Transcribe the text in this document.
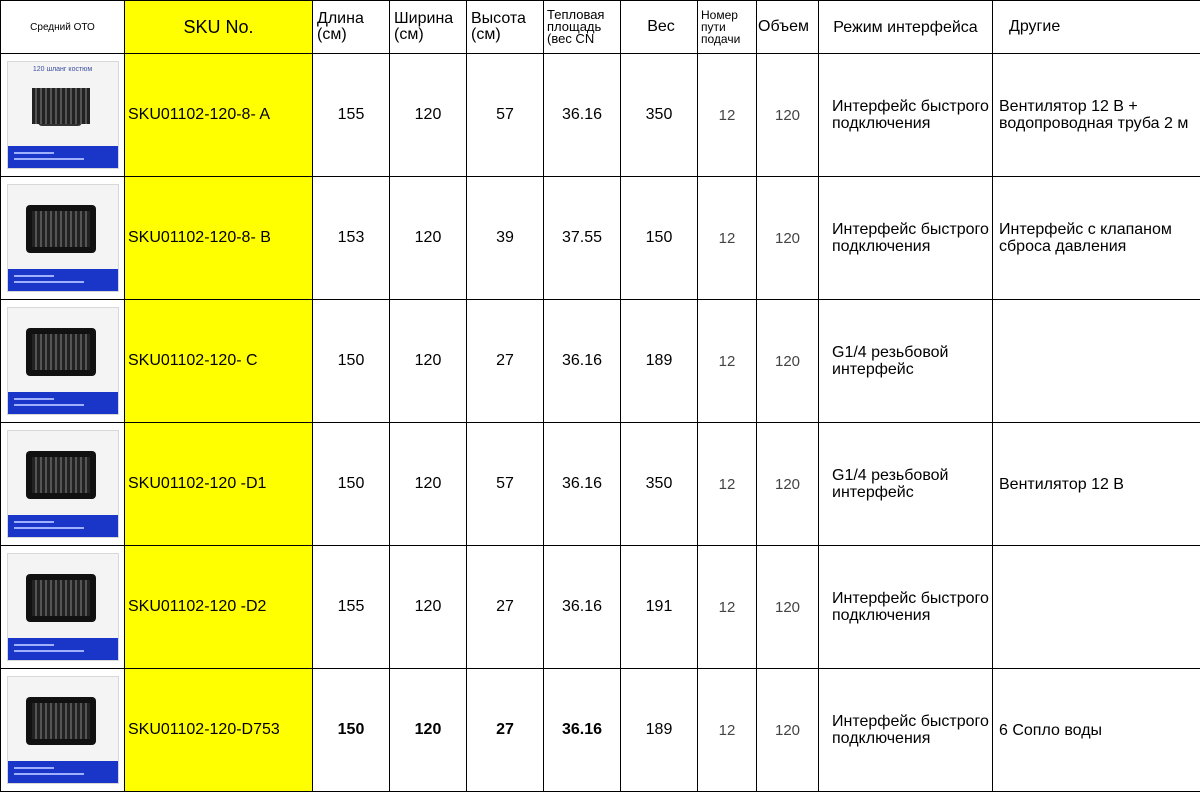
Средний ОТО	SKU No.	Длина (см)	Ширина (см)	Высота (см)	Тепловая площадь (вес CN	Вес	Номер пути подачи	Объем	Режим интерфейса	Другие

120 шланг костюм	SKU01102-120-8- A	155	120	57	36.16	350	12	120	Интерфейс быстрого подключения	Вентилятор 12 В + водопроводная труба 2 м

	SKU01102-120-8- B	153	120	39	37.55	150	12	120	Интерфейс быстрого подключения	Интерфейс с клапаном сброса давления

	SKU01102-120- C	150	120	27	36.16	189	12	120	G1/4 резьбовой интерфейс	

	SKU01102-120 -D1	150	120	57	36.16	350	12	120	G1/4 резьбовой интерфейс	Вентилятор 12 В

	SKU01102-120 -D2	155	120	27	36.16	191	12	120	Интерфейс быстрого подключения	

	SKU01102-120-D753	150	120	27	36.16	189	12	120	Интерфейс быстрого подключения	6 Сопло воды
